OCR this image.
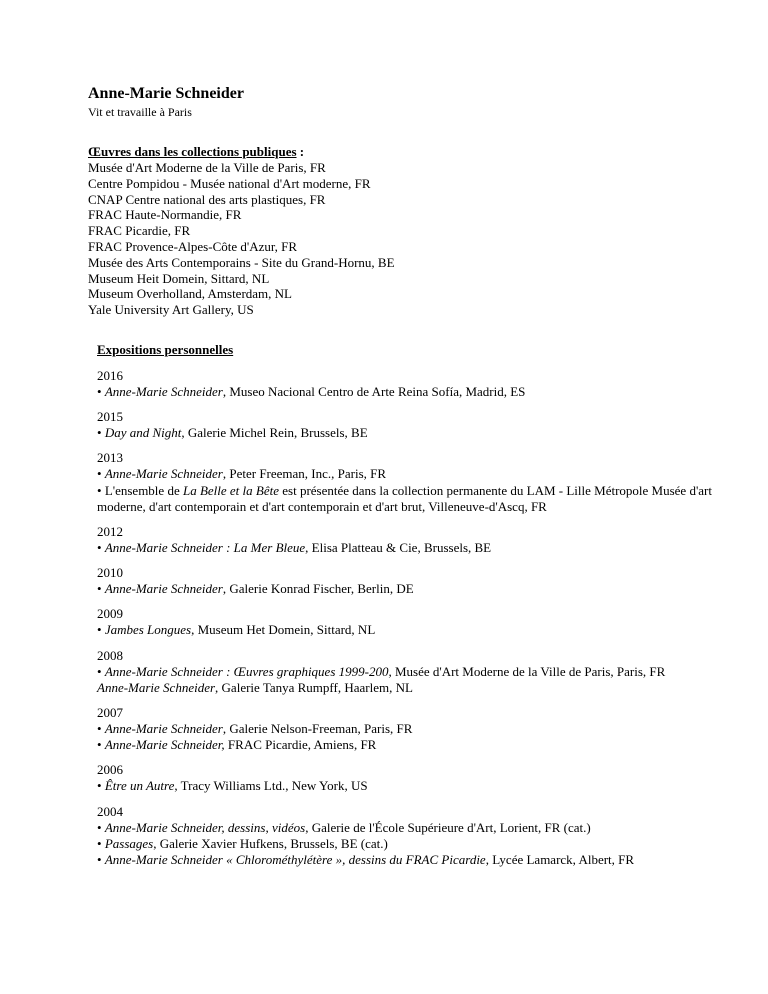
Anne-Marie Schneider
Vit et travaille à Paris
Œuvres dans les collections publiques :
Musée d'Art Moderne de la Ville de Paris, FR
Centre Pompidou - Musée national d'Art moderne, FR
CNAP Centre national des arts plastiques, FR
FRAC Haute-Normandie, FR
FRAC Picardie, FR
FRAC Provence-Alpes-Côte d'Azur, FR
Musée des Arts Contemporains - Site du Grand-Hornu, BE
Museum Heit Domein, Sittard, NL
Museum Overholland, Amsterdam, NL
Yale University Art Gallery, US
Expositions personnelles
2016
• Anne-Marie Schneider, Museo Nacional Centro de Arte Reina Sofía, Madrid, ES
2015
• Day and Night, Galerie Michel Rein, Brussels, BE
2013
• Anne-Marie Schneider, Peter Freeman, Inc., Paris, FR
• L'ensemble de La Belle et la Bête est présentée dans la collection permanente du LAM - Lille Métropole Musée d'art moderne, d'art contemporain et d'art contemporain et d'art brut, Villeneuve-d'Ascq, FR
2012
• Anne-Marie Schneider : La Mer Bleue, Elisa Platteau & Cie, Brussels, BE
2010
• Anne-Marie Schneider, Galerie Konrad Fischer, Berlin, DE
2009
• Jambes Longues, Museum Het Domein, Sittard, NL
2008
• Anne-Marie Schneider : Œuvres graphiques 1999-200, Musée d'Art Moderne de la Ville de Paris, Paris, FR
Anne-Marie Schneider, Galerie Tanya Rumpff, Haarlem, NL
2007
• Anne-Marie Schneider, Galerie Nelson-Freeman, Paris, FR
• Anne-Marie Schneider, FRAC Picardie, Amiens, FR
2006
• Être un Autre, Tracy Williams Ltd., New York, US
2004
• Anne-Marie Schneider, dessins, vidéos, Galerie de l'École Supérieure d'Art, Lorient, FR (cat.)
• Passages, Galerie Xavier Hufkens, Brussels, BE (cat.)
• Anne-Marie Schneider « Chlorométhylétère », dessins du FRAC Picardie, Lycée Lamarck, Albert, FR
